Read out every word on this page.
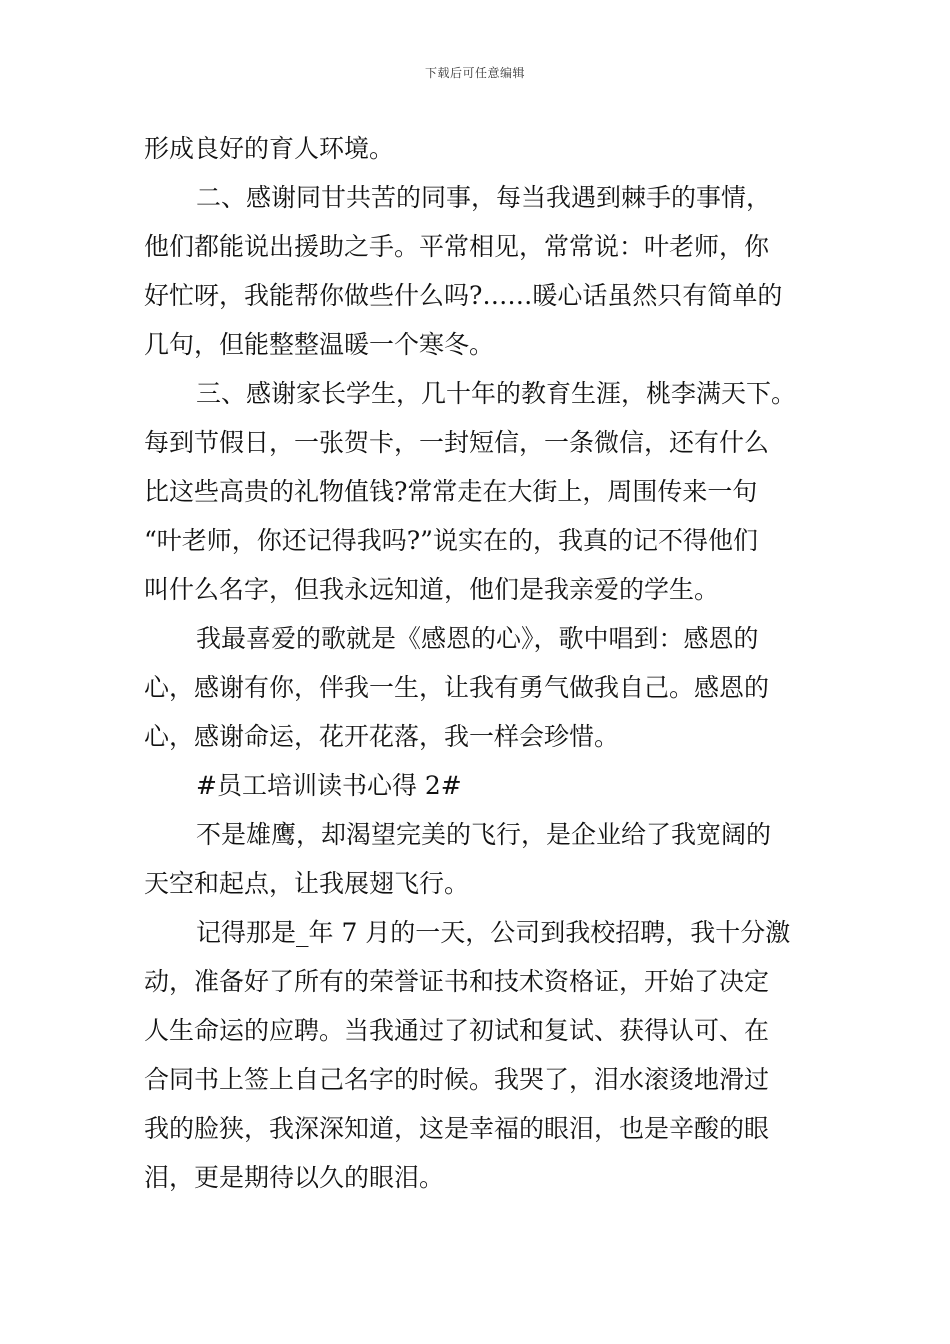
下载后可任意编辑
形成良好的育人环境。
二、感谢同甘共苦的同事，每当我遇到棘手的事情，
他们都能说出援助之手。平常相见，常常说：叶老师，你
好忙呀，我能帮你做些什么吗?……暖心话虽然只有简单的
几句，但能整整温暖一个寒冬。
三、感谢家长学生，几十年的教育生涯，桃李满天下。
每到节假日，一张贺卡，一封短信，一条微信，还有什么
比这些高贵的礼物值钱?常常走在大街上，周围传来一句
“叶老师，你还记得我吗?”说实在的，我真的记不得他们
叫什么名字，但我永远知道，他们是我亲爱的学生。
我最喜爱的歌就是《感恩的心》，歌中唱到：感恩的
心，感谢有你，伴我一生，让我有勇气做我自己。感恩的
心，感谢命运，花开花落，我一样会珍惜。
#员工培训读书心得 2#
不是雄鹰，却渴望完美的飞行，是企业给了我宽阔的
天空和起点，让我展翅飞行。
记得那是_年 7 月的一天，公司到我校招聘，我十分激
动，准备好了所有的荣誉证书和技术资格证，开始了决定
人生命运的应聘。当我通过了初试和复试、获得认可、在
合同书上签上自己名字的时候。我哭了，泪水滚烫地滑过
我的脸狭，我深深知道，这是幸福的眼泪，也是辛酸的眼
泪，更是期待以久的眼泪。
